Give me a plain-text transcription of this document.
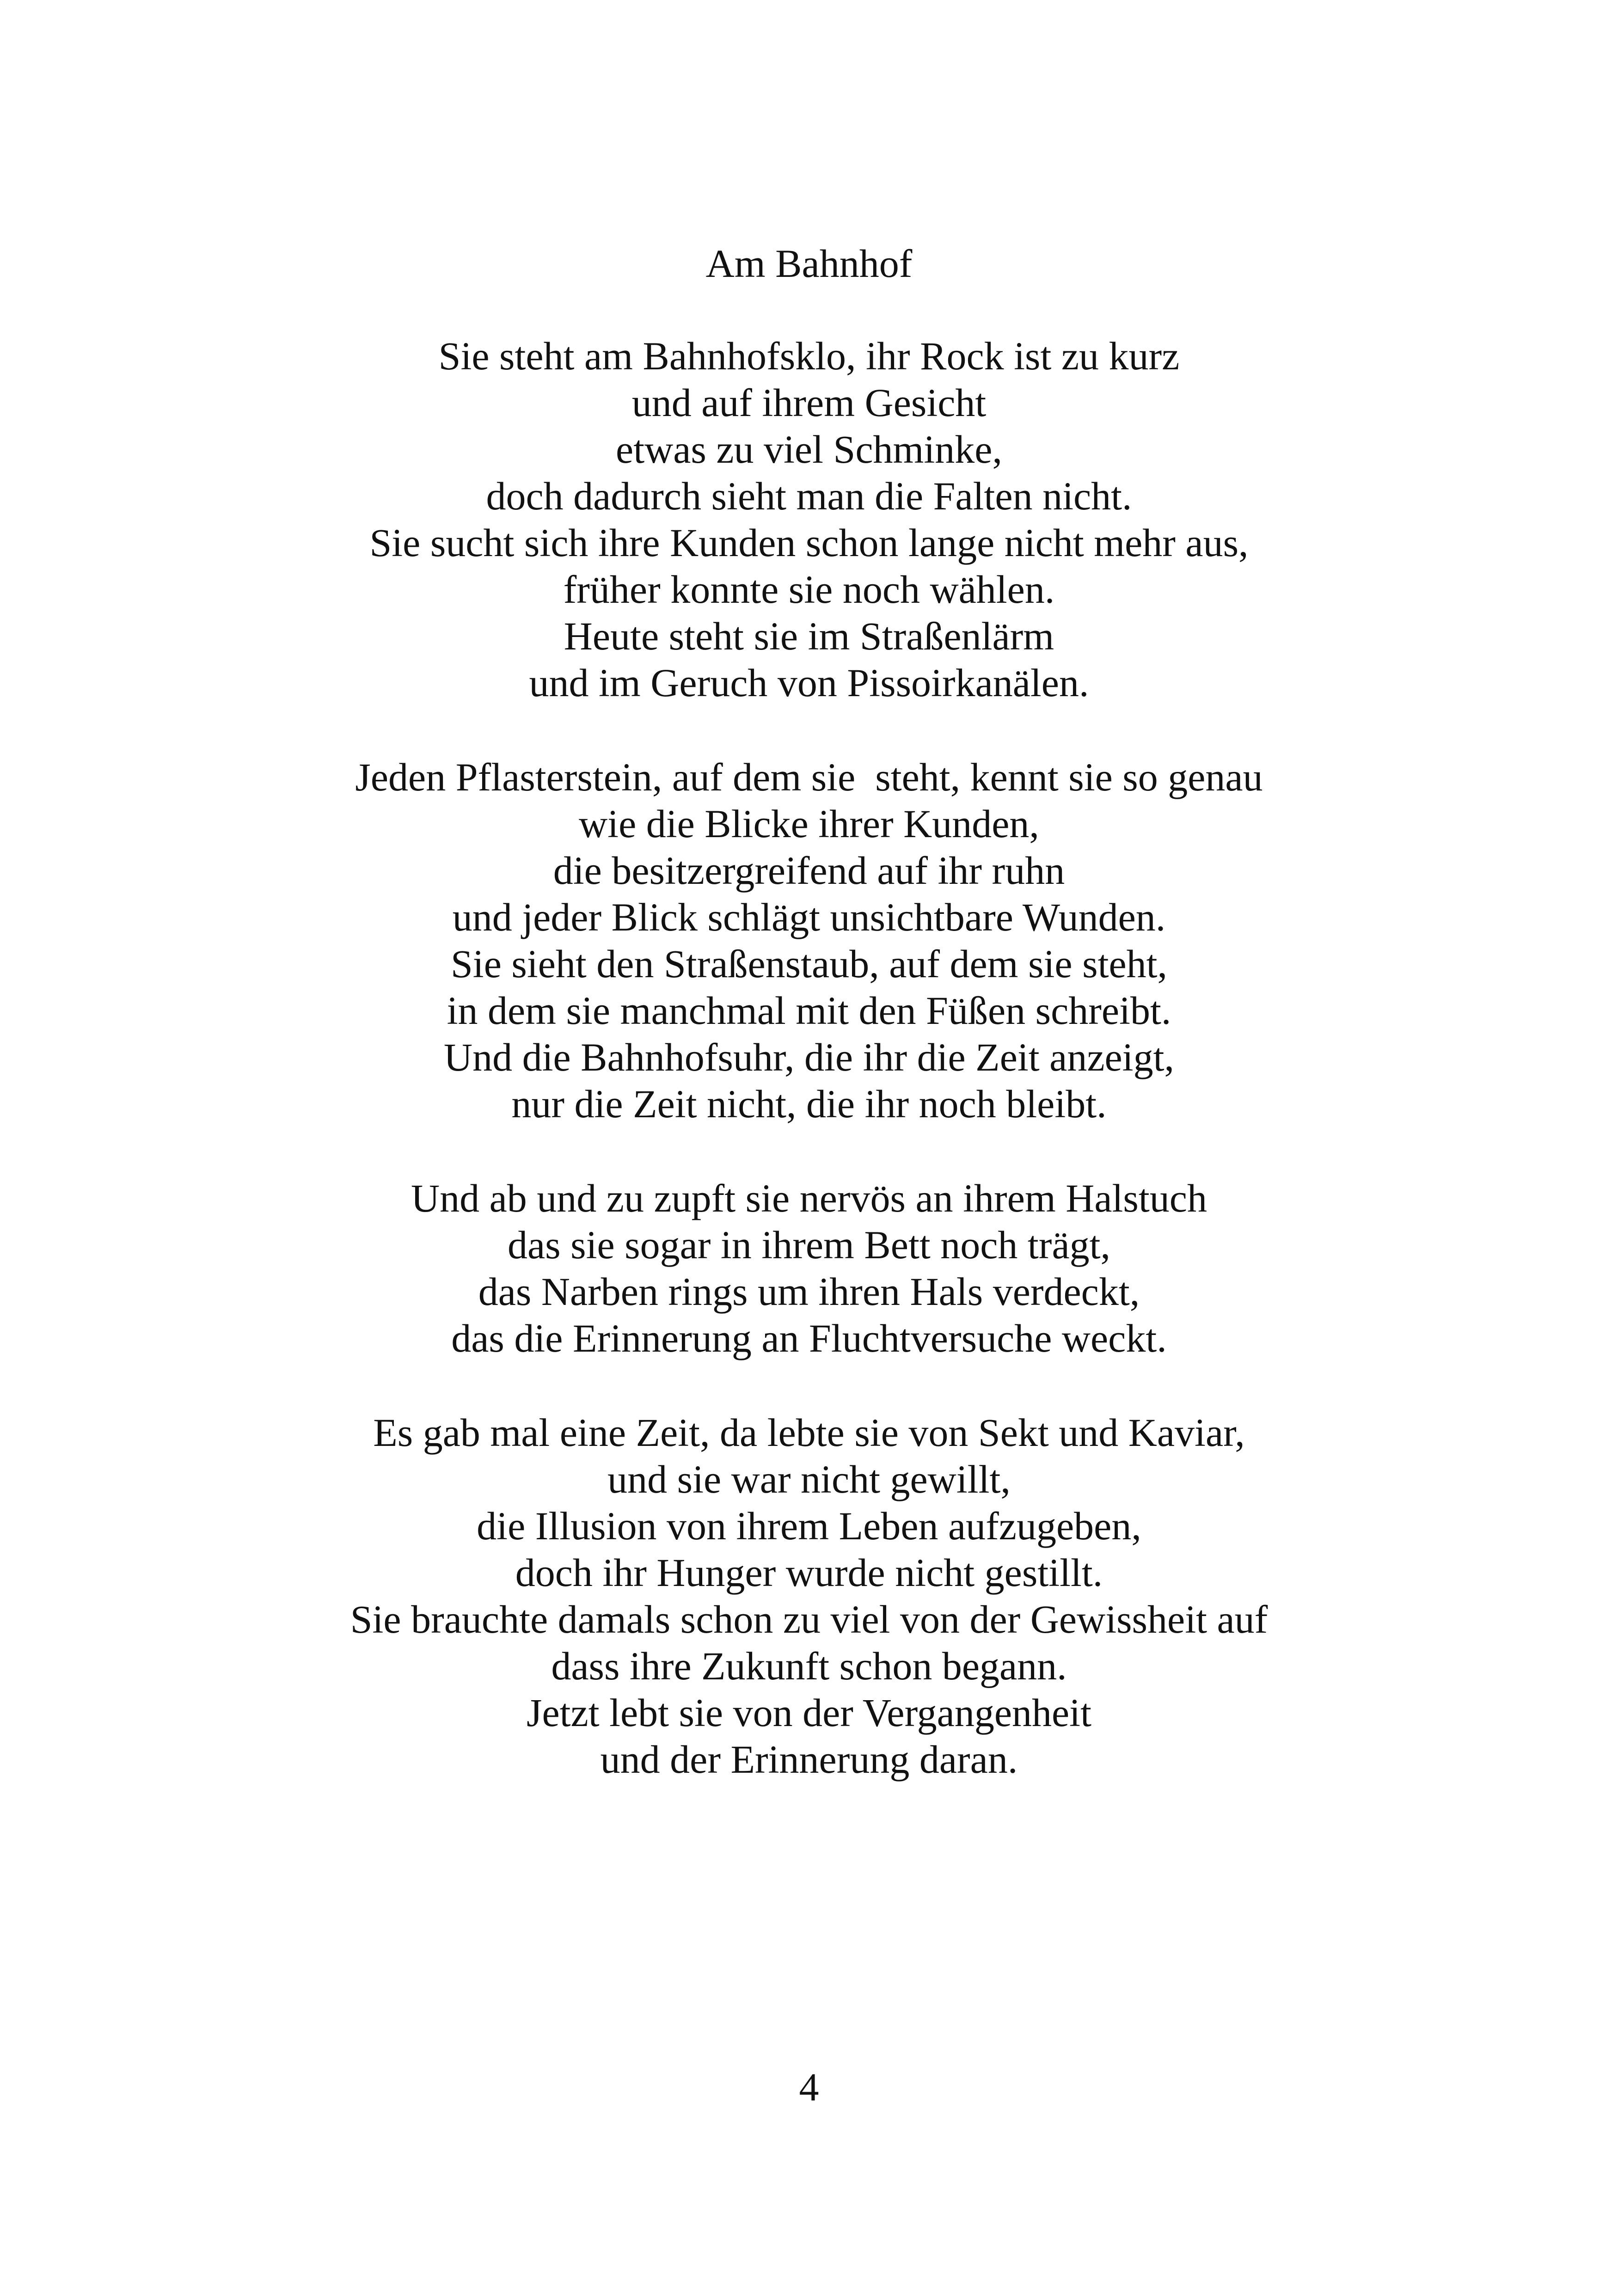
Am Bahnhof
Sie steht am Bahnhofsklo, ihr Rock ist zu kurz
und auf ihrem Gesicht
etwas zu viel Schminke,
doch dadurch sieht man die Falten nicht.
Sie sucht sich ihre Kunden schon lange nicht mehr aus,
früher konnte sie noch wählen.
Heute steht sie im Straßenlärm
und im Geruch von Pissoirkanälen.
Jeden Pflasterstein, auf dem sie  steht, kennt sie so genau
wie die Blicke ihrer Kunden,
die besitzergreifend auf ihr ruhn
und jeder Blick schlägt unsichtbare Wunden.
Sie sieht den Straßenstaub, auf dem sie steht,
in dem sie manchmal mit den Füßen schreibt.
Und die Bahnhofsuhr, die ihr die Zeit anzeigt,
nur die Zeit nicht, die ihr noch bleibt.
Und ab und zu zupft sie nervös an ihrem Halstuch
das sie sogar in ihrem Bett noch trägt,
das Narben rings um ihren Hals verdeckt,
das die Erinnerung an Fluchtversuche weckt.
Es gab mal eine Zeit, da lebte sie von Sekt und Kaviar,
und sie war nicht gewillt,
die Illusion von ihrem Leben aufzugeben,
doch ihr Hunger wurde nicht gestillt.
Sie brauchte damals schon zu viel von der Gewissheit auf
dass ihre Zukunft schon begann.
Jetzt lebt sie von der Vergangenheit
und der Erinnerung daran.
4
